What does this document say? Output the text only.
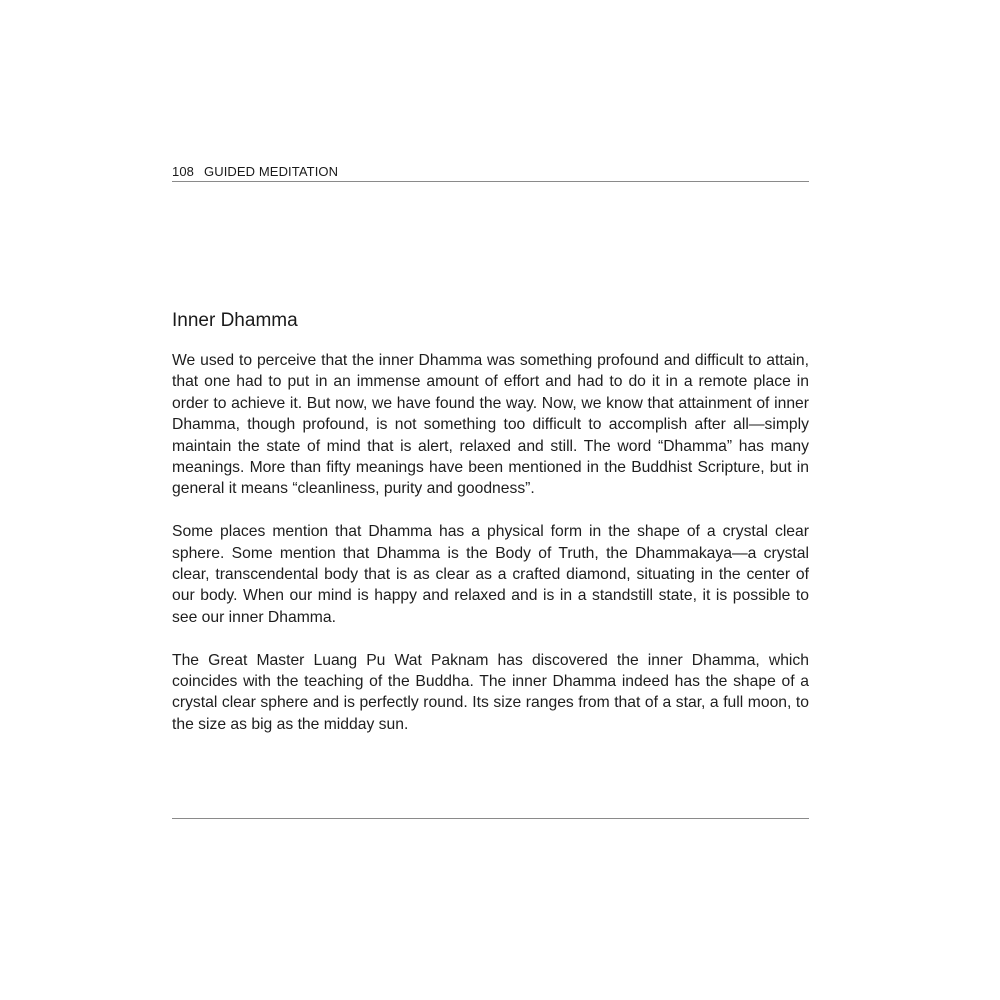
108 GUIDED MEDITATION
Inner Dhamma

We used to perceive that the inner Dhamma was something profound and difficult to attain, that one had to put in an immense amount of effort and had to do it in a remote place in order to achieve it. But now, we have found the way. Now, we know that attainment of inner Dhamma, though profound, is not something too difficult to accomplish after all—simply maintain the state of mind that is alert, relaxed and still. The word “Dhamma” has many meanings. More than fifty meanings have been mentioned in the Buddhist Scripture, but in general it means “cleanliness, purity and goodness”.

Some places mention that Dhamma has a physical form in the shape of a crystal clear sphere. Some mention that Dhamma is the Body of Truth, the Dhammakaya—a crystal clear, transcendental body that is as clear as a crafted diamond, situating in the center of our body. When our mind is happy and relaxed and is in a standstill state, it is possible to see our inner Dhamma.

The Great Master Luang Pu Wat Paknam has discovered the inner Dhamma, which coincides with the teaching of the Buddha. The inner Dhamma indeed has the shape of a crystal clear sphere and is perfectly round. Its size ranges from that of a star, a full moon, to the size as big as the midday sun.
